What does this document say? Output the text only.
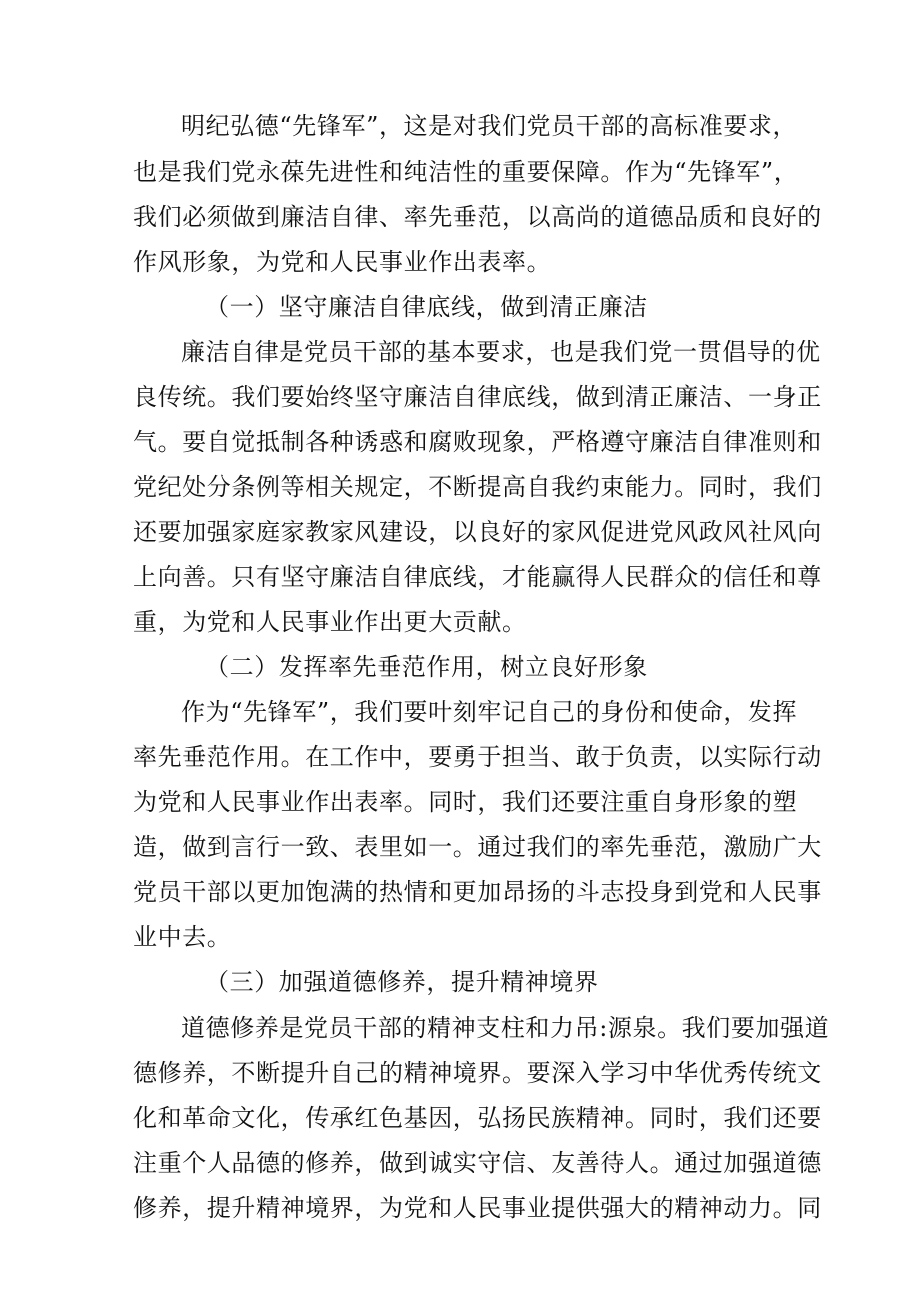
明纪弘德“先锋军”，这是对我们党员干部的高标准要求，
也是我们党永葆先进性和纯洁性的重要保障。作为“先锋军”，
我们必须做到廉洁自律、率先垂范，以高尚的道德品质和良好的
作风形象，为党和人民事业作出表率。
（一）坚守廉洁自律底线，做到清正廉洁
廉洁自律是党员干部的基本要求，也是我们党一贯倡导的优
良传统。我们要始终坚守廉洁自律底线，做到清正廉洁、一身正
气。要自觉抵制各种诱惑和腐败现象，严格遵守廉洁自律准则和
党纪处分条例等相关规定，不断提高自我约束能力。同时，我们
还要加强家庭家教家风建设，以良好的家风促进党风政风社风向
上向善。只有坚守廉洁自律底线，才能赢得人民群众的信任和尊
重，为党和人民事业作出更大贡献。
（二）发挥率先垂范作用，树立良好形象
作为“先锋军”，我们要叶刻牢记自己的身份和使命，发挥
率先垂范作用。在工作中，要勇于担当、敢于负责，以实际行动
为党和人民事业作出表率。同时，我们还要注重自身形象的塑
造，做到言行一致、表里如一。通过我们的率先垂范，激励广大
党员干部以更加饱满的热情和更加昂扬的斗志投身到党和人民事
业中去。
（三）加强道德修养，提升精神境界
道德修养是党员干部的精神支柱和力吊:源泉。我们要加强道
德修养，不断提升自己的精神境界。要深入学习中华优秀传统文
化和革命文化，传承红色基因，弘扬民族精神。同时，我们还要
注重个人品德的修养，做到诚实守信、友善待人。通过加强道德
修养，提升精神境界，为党和人民事业提供强大的精神动力。同
